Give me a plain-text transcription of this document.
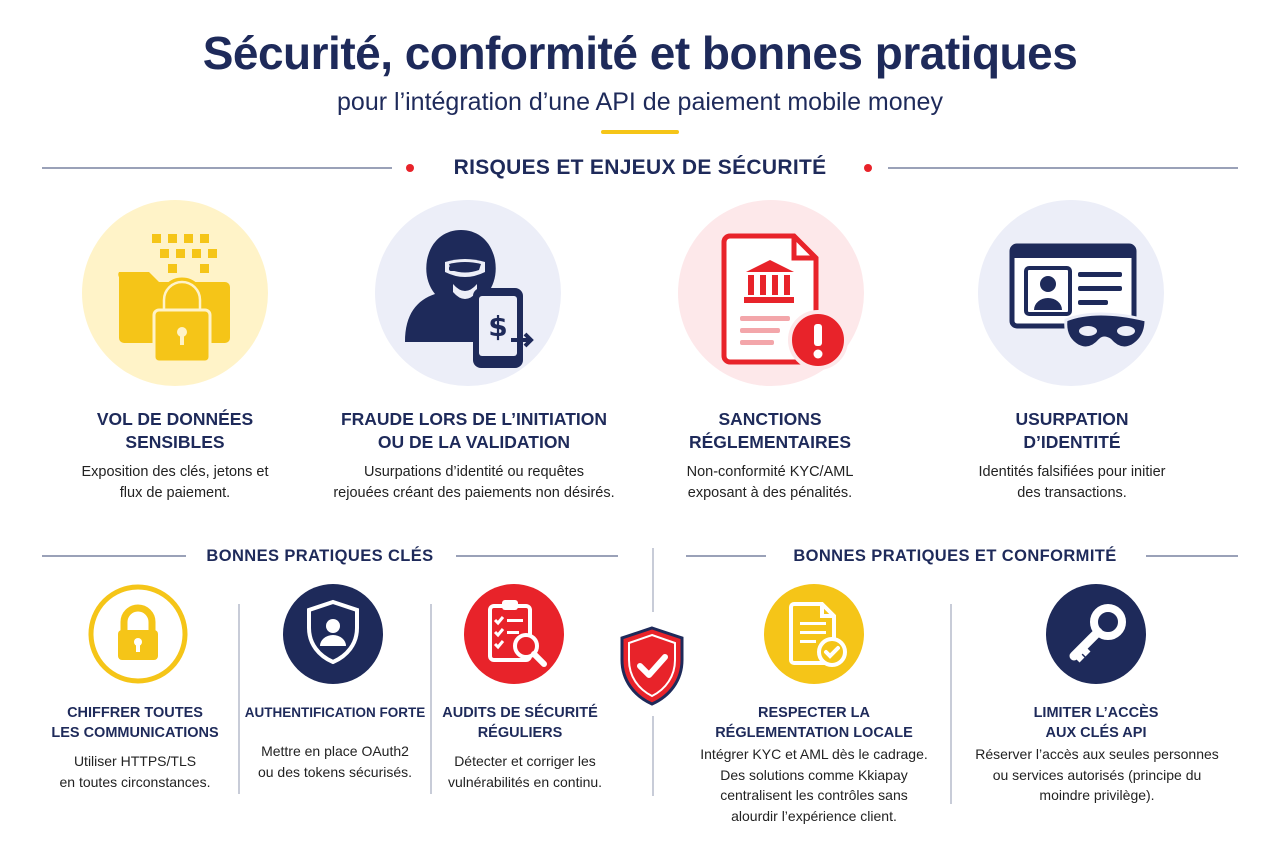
Sécurité, conformité et bonnes pratiques
pour l’intégration d’une API de paiement mobile money
RISQUES ET ENJEUX DE SÉCURITÉ
VOL DE DONNÉES
SENSIBLES
Exposition des clés, jetons et
flux de paiement.
$
FRAUDE LORS DE L’INITIATION
OU DE LA VALIDATION
Usurpations d’identité ou requêtes
rejouées créant des paiements non désirés.
SANCTIONS
RÉGLEMENTAIRES
Non-conformité KYC/AML
exposant à des pénalités.
USURPATION
D’IDENTITÉ
Identités falsifiées pour initier
des transactions.
BONNES PRATIQUES CLÉS	BONNES PRATIQUES ET CONFORMITÉ
CHIFFRER TOUTES
LES COMMUNICATIONS
Utiliser HTTPS/TLS
en toutes circonstances.
AUTHENTIFICATION FORTE
Mettre en place OAuth2
ou des tokens sécurisés.
AUDITS DE SÉCURITÉ
RÉGULIERS
Détecter et corriger les
vulnérabilités en continu.
RESPECTER LA
RÉGLEMENTATION LOCALE
Intégrer KYC et AML dès le cadrage.
Des solutions comme Kkiapay
centralisent les contrôles sans
alourdir l’expérience client.
LIMITER L’ACCÈS
AUX CLÉS API
Réserver l’accès aux seules personnes
ou services autorisés (principe du
moindre privilège).
